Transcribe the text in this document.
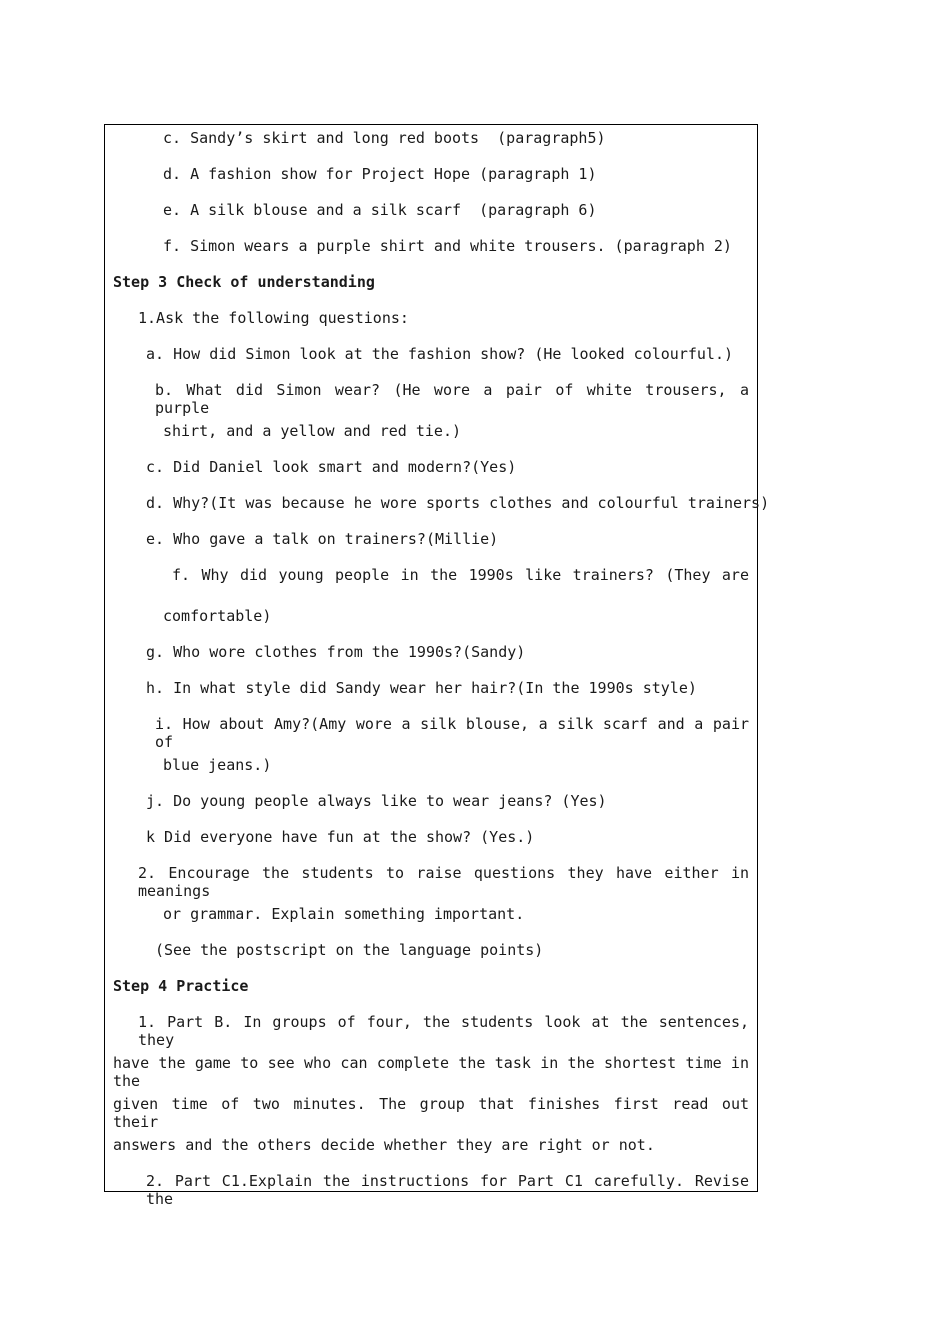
c. Sandy’s skirt and long red boots  (paragraph5)
d. A fashion show for Project Hope (paragraph 1)
e. A silk blouse and a silk scarf  (paragraph 6)
f. Simon wears a purple shirt and white trousers. (paragraph 2)
Step 3 Check of understanding
1.Ask the following questions:
a. How did Simon look at the fashion show? (He looked colourful.)
b. What did Simon wear? (He wore a pair of white trousers, a purple
shirt, and a yellow and red tie.)
c. Did Daniel look smart and modern?(Yes)
d. Why?(It was because he wore sports clothes and colourful trainers)
e. Who gave a talk on trainers?(Millie)
f. Why did young people in the 1990s like trainers? (They are
comfortable)
g. Who wore clothes from the 1990s?(Sandy)
h. In what style did Sandy wear her hair?(In the 1990s style)
i. How about Amy?(Amy wore a silk blouse, a silk scarf and a pair of
blue jeans.)
j. Do young people always like to wear jeans? (Yes)
k Did everyone have fun at the show? (Yes.)
2. Encourage the students to raise questions they have either in meanings
or grammar. Explain something important.
(See the postscript on the language points)
Step 4 Practice
1. Part B. In groups of four, the students look at the sentences, they
have the game to see who can complete the task in the shortest time in the
given time of two minutes. The group that finishes first read out their
answers and the others decide whether they are right or not.
2. Part C1.Explain the instructions for Part C1 carefully. Revise the
